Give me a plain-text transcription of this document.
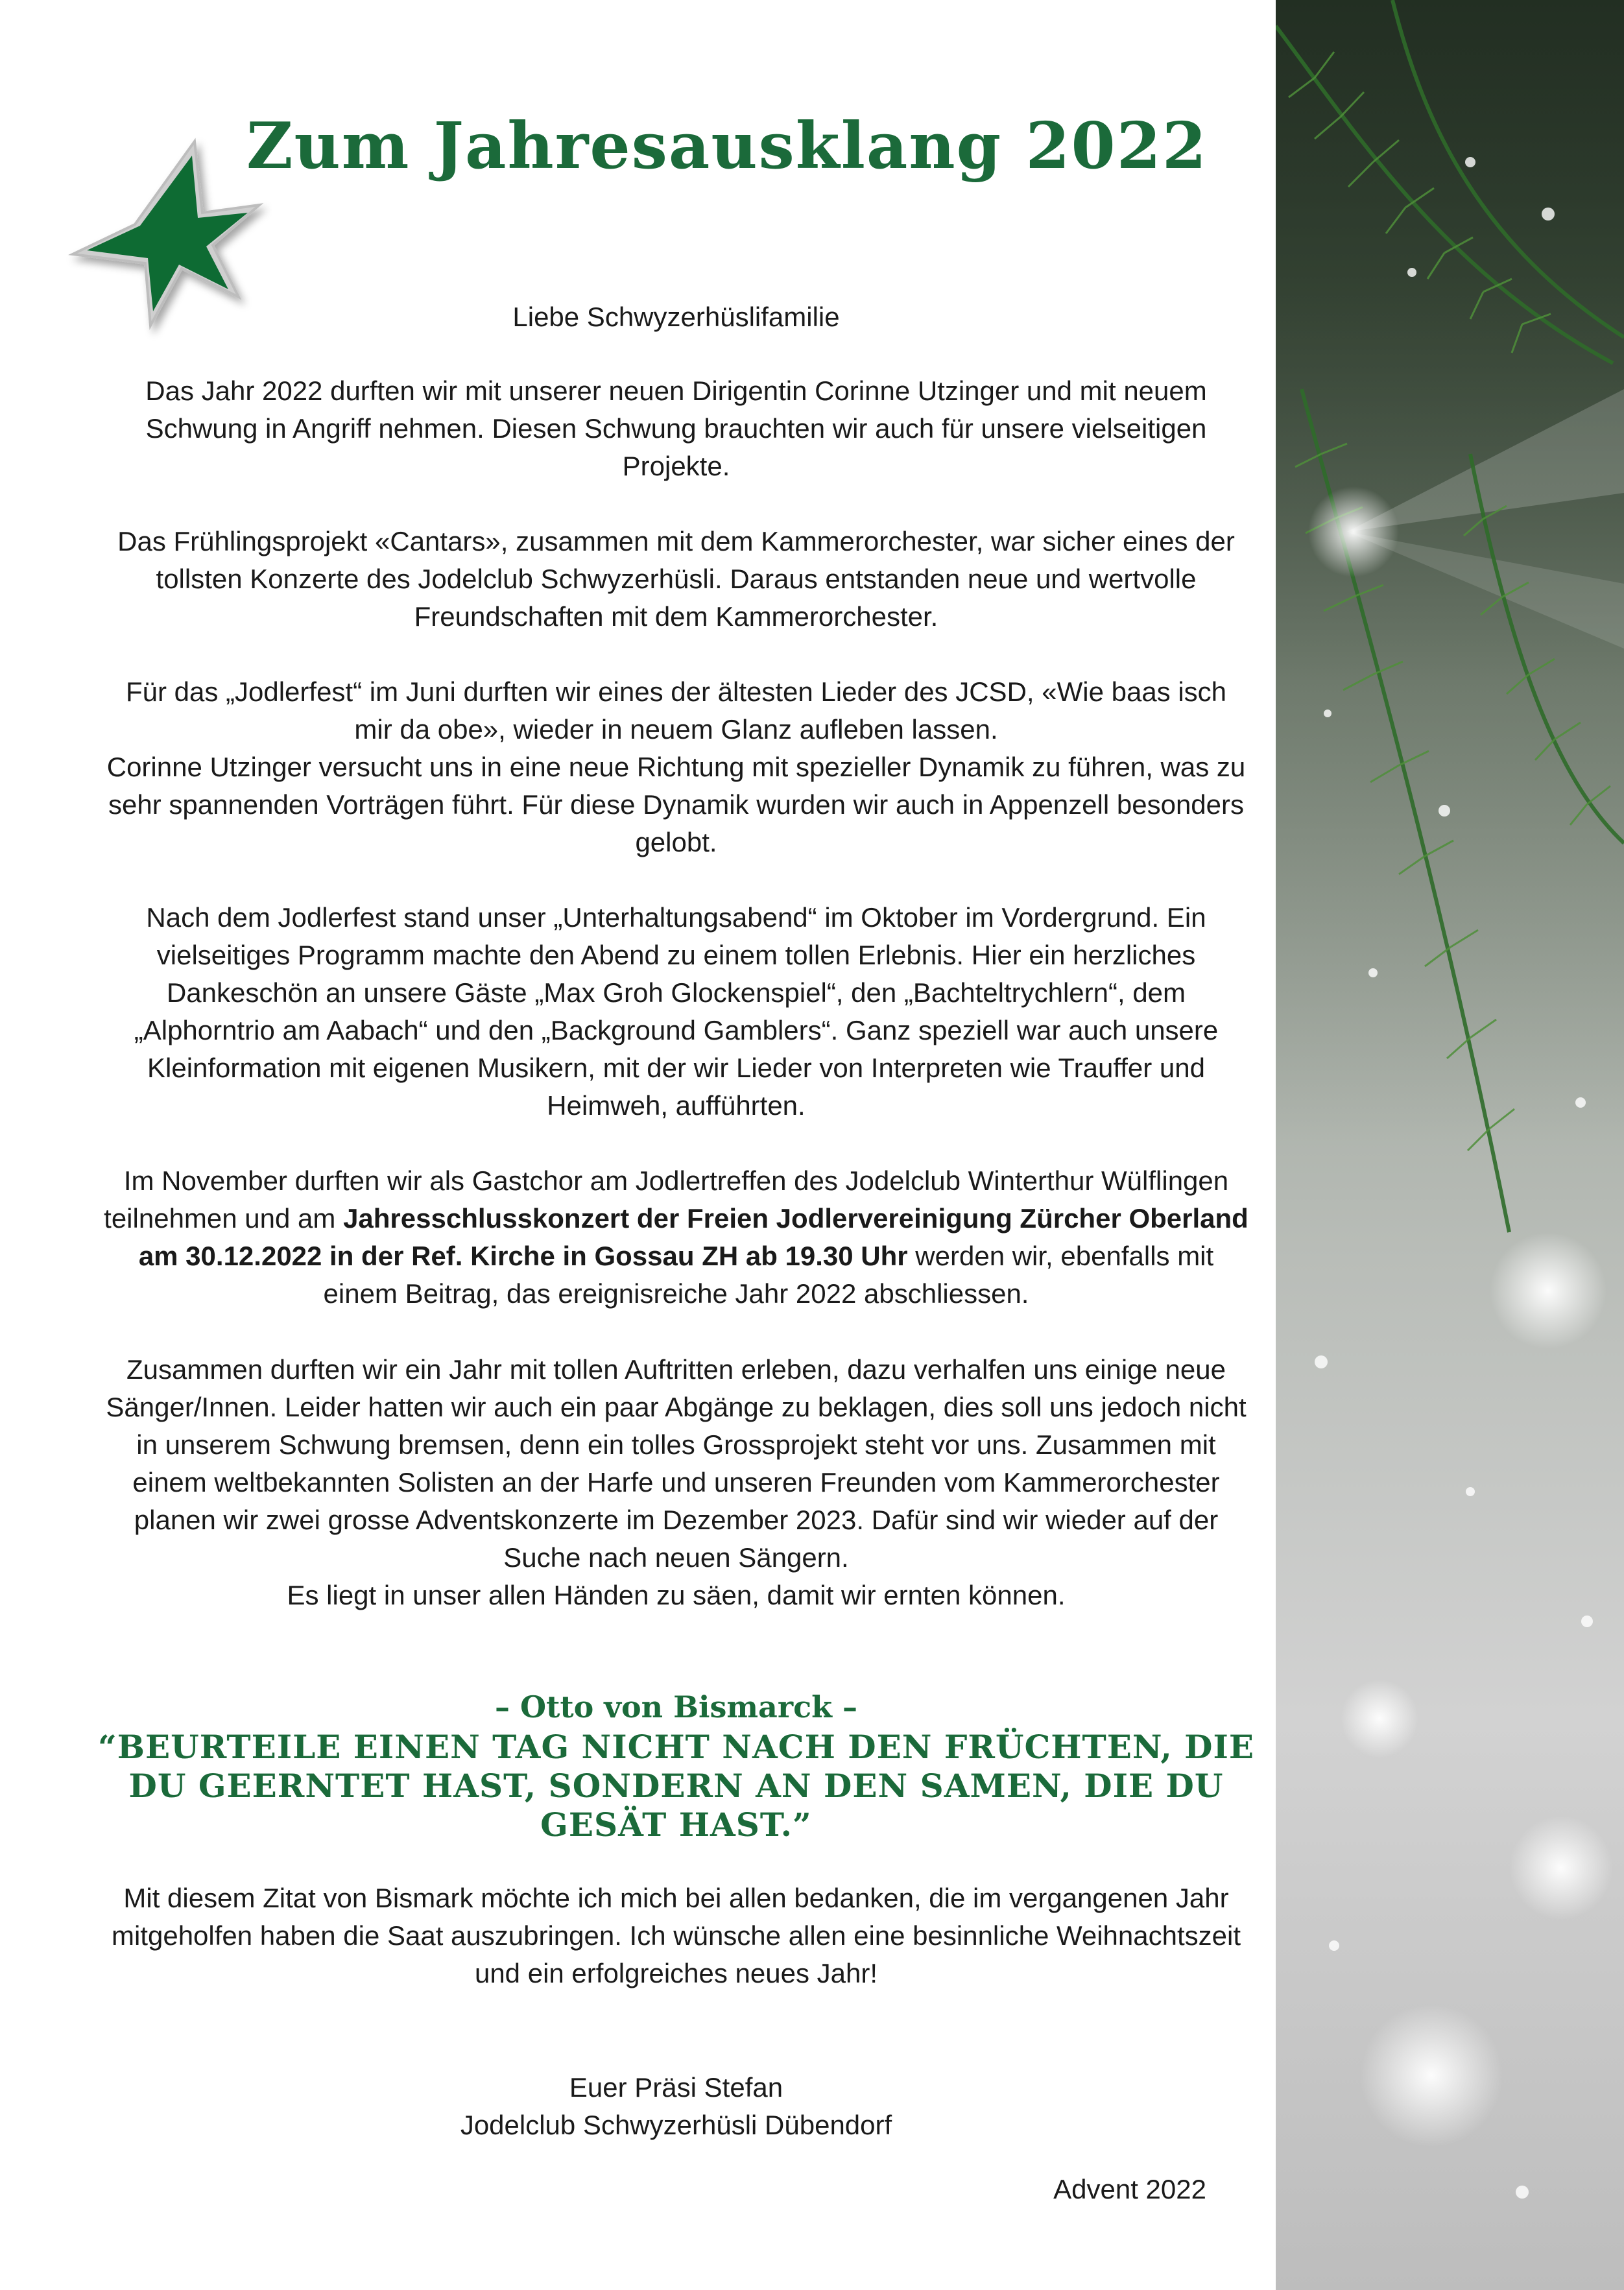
Zum Jahresausklang 2022

Liebe Schwyzerhüslifamilie

Das Jahr 2022 durften wir mit unserer neuen Dirigentin Corinne Utzinger und mit neuem Schwung in Angriff nehmen. Diesen Schwung brauchten wir auch für unsere vielseitigen Projekte.

Das Frühlingsprojekt «Cantars», zusammen mit dem Kammerorchester, war sicher eines der tollsten Konzerte des Jodelclub Schwyzerhüsli. Daraus entstanden neue und wertvolle Freundschaften mit dem Kammerorchester.

Für das „Jodlerfest“ im Juni durften wir eines der ältesten Lieder des JCSD, «Wie baas isch mir da obe», wieder in neuem Glanz aufleben lassen.

Corinne Utzinger versucht uns in eine neue Richtung mit spezieller Dynamik zu führen, was zu sehr spannenden Vorträgen führt. Für diese Dynamik wurden wir auch in Appenzell besonders gelobt.

Nach dem Jodlerfest stand unser „Unterhaltungsabend“ im Oktober im Vordergrund. Ein vielseitiges Programm machte den Abend zu einem tollen Erlebnis. Hier ein herzliches Dankeschön an unsere Gäste „Max Groh Glockenspiel“, den „Bachteltrychlern“, dem „Alphorntrio am Aabach“ und den „Background Gamblers“. Ganz speziell war auch unsere Kleinformation mit eigenen Musikern, mit der wir Lieder von Interpreten wie Trauffer und Heimweh, aufführten.

Im November durften wir als Gastchor am Jodlertreffen des Jodelclub Winterthur Wülflingen teilnehmen und am Jahresschlusskonzert der Freien Jodlervereinigung Zürcher Oberland am 30.12.2022 in der Ref. Kirche in Gossau ZH ab 19.30 Uhr werden wir, ebenfalls mit einem Beitrag, das ereignisreiche Jahr 2022 abschliessen.

Zusammen durften wir ein Jahr mit tollen Auftritten erleben, dazu verhalfen uns einige neue Sänger/Innen. Leider hatten wir auch ein paar Abgänge zu beklagen, dies soll uns jedoch nicht in unserem Schwung bremsen, denn ein tolles Grossprojekt steht vor uns. Zusammen mit einem weltbekannten Solisten an der Harfe und unseren Freunden vom Kammerorchester planen wir zwei grosse Adventskonzerte im Dezember 2023. Dafür sind wir wieder auf der Suche nach neuen Sängern.

Es liegt in unser allen Händen zu säen, damit wir ernten können.

– Otto von Bismarck –

“BEURTEILE EINEN TAG NICHT NACH DEN FRÜCHTEN, DIE DU GEERNTET HAST, SONDERN AN DEN SAMEN, DIE DU GESÄT HAST.”

Mit diesem Zitat von Bismark möchte ich mich bei allen bedanken, die im vergangenen Jahr mitgeholfen haben die Saat auszubringen. Ich wünsche allen eine besinnliche Weihnachtszeit und ein erfolgreiches neues Jahr!

Euer Präsi Stefan

Jodelclub Schwyzerhüsli Dübendorf

Advent 2022
